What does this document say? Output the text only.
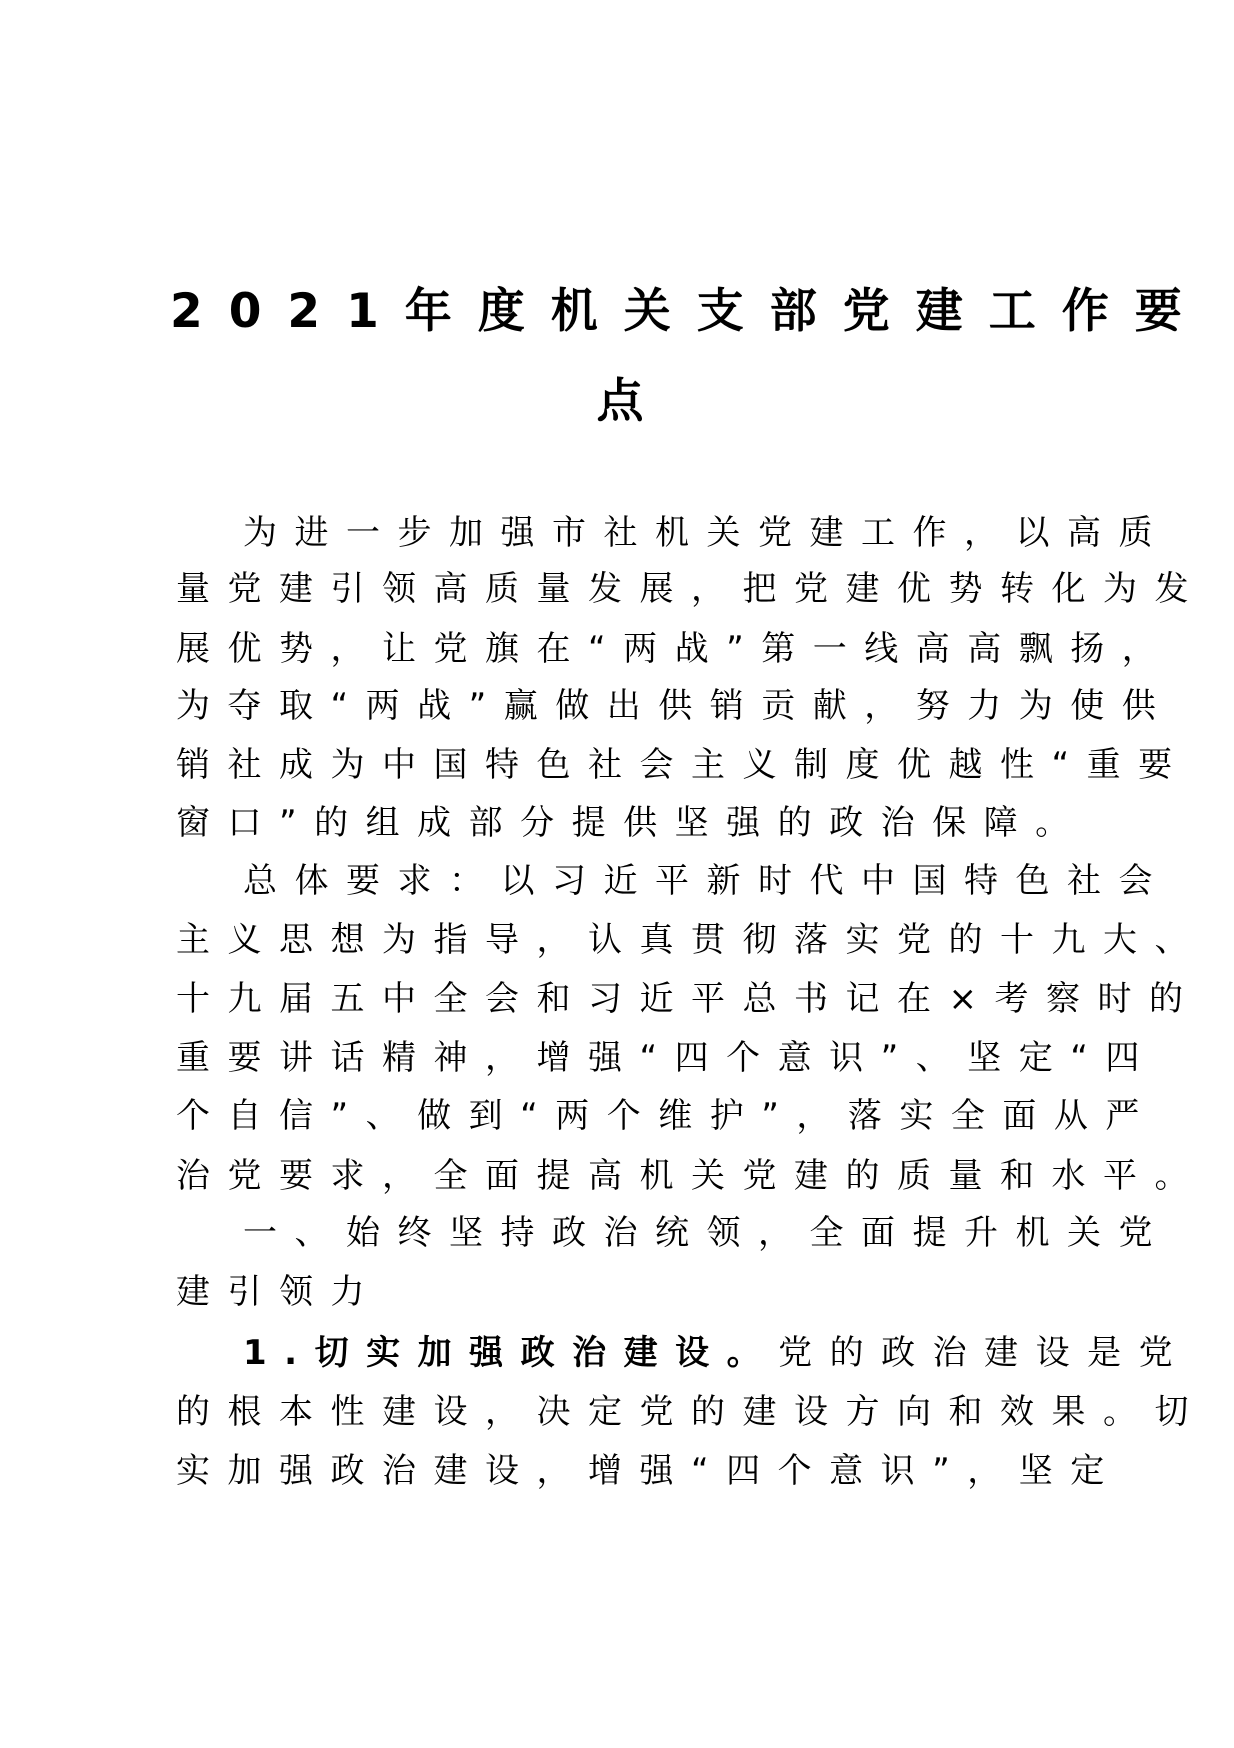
2021年度机关支部党建工作要
点
为进一步加强市社机关党建工作，以高质
量党建引领高质量发展，把党建优势转化为发
展优势，让党旗在“两战”第一线高高飘扬，
为夺取“两战”赢做出供销贡献，努力为使供
销社成为中国特色社会主义制度优越性“重要
窗口”的组成部分提供坚强的政治保障。
总体要求：以习近平新时代中国特色社会
主义思想为指导，认真贯彻落实党的十九大、
十九届五中全会和习近平总书记在×考察时的
重要讲话精神，增强“四个意识”、坚定“四
个自信”、做到“两个维护”，落实全面从严
治党要求，全面提高机关党建的质量和水平。
一、始终坚持政治统领，全面提升机关党
建引领力
1.切实加强政治建设。党的政治建设是党
的根本性建设，决定党的建设方向和效果。切
实加强政治建设，增强“四个意识”，坚定
